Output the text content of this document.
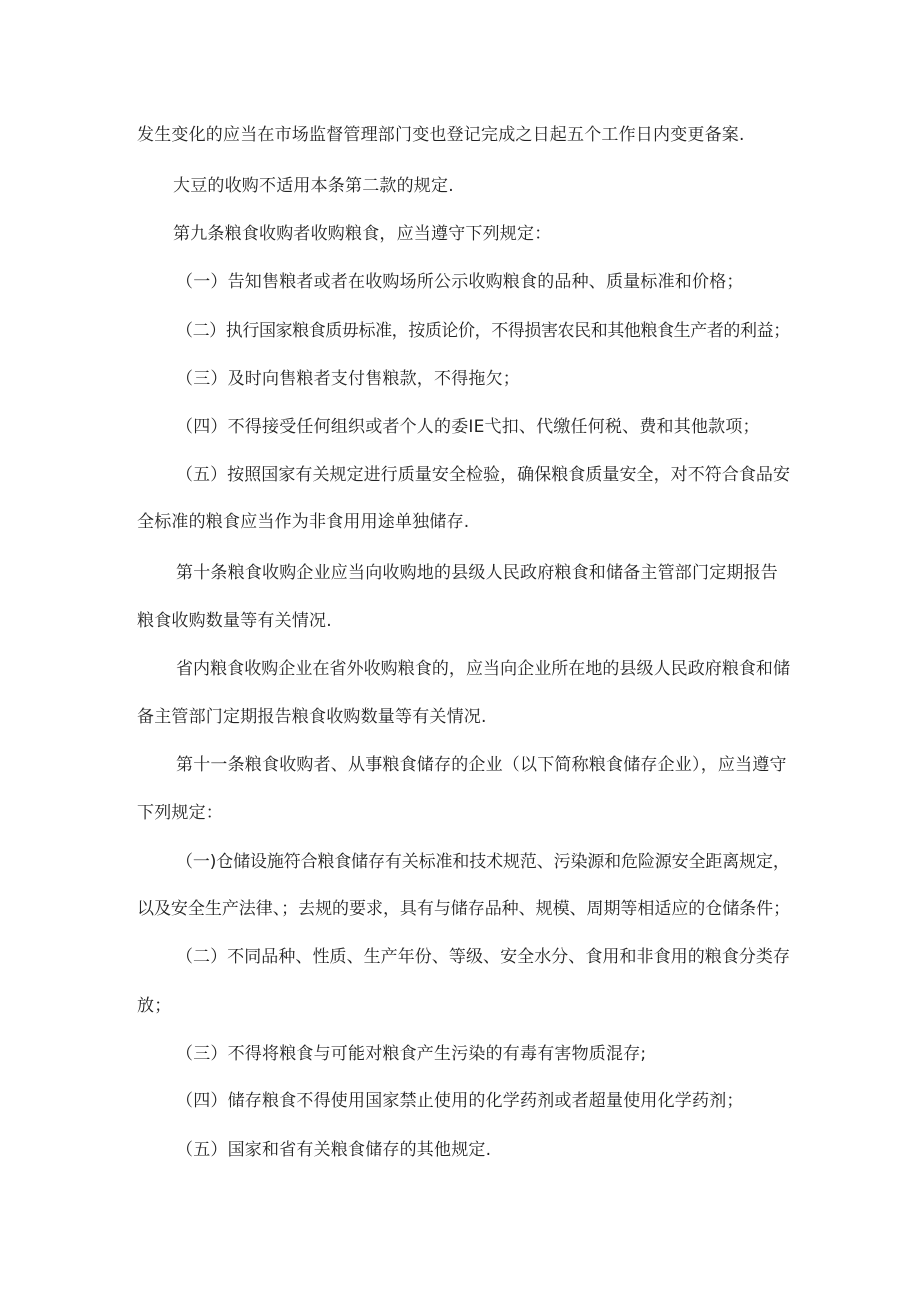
发生变化的应当在市场监督管理部门变也登记完成之日起五个工作日内变更备案.
大豆的收购不适用本条第二款的规定.
第九条粮食收购者收购粮食，应当遵守下列规定：
（一）告知售粮者或者在收购场所公示收购粮食的品种、质量标准和价格；
（二）执行国家粮食质毋标准，按质论价，不得损害农民和其他粮食生产者的利益；
（三）及时向售粮者支付售粮款，不得拖欠；
（四）不得接受任何组织或者个人的委IE弋扣、代缴任何税、费和其他款项；
（五）按照国家有关规定进行质量安全检验，确保粮食质量安全，对不符合食品安
全标准的粮食应当作为非食用用途单独储存.
第十条粮食收购企业应当向收购地的县级人民政府粮食和储备主管部门定期报告
粮食收购数量等有关情况.
省内粮食收购企业在省外收购粮食的，应当向企业所在地的县级人民政府粮食和储
备主管部门定期报告粮食收购数量等有关情况.
第十一条粮食收购者、从事粮食储存的企业（以下简称粮食储存企业），应当遵守
下列规定：
（一)仓储设施符合粮食储存有关标准和技术规范、污染源和危险源安全距离规定，
以及安全生产法律、；去规的要求，具有与储存品种、规模、周期等相适应的仓储条件；
（二）不同品种、性质、生产年份、等级、安全水分、食用和非食用的粮食分类存
放；
（三）不得将粮食与可能对粮食产生污染的有毒有害物质混存;
（四）储存粮食不得使用国家禁止使用的化学药剂或者超量使用化学药剂；
（五）国家和省有关粮食储存的其他规定.
